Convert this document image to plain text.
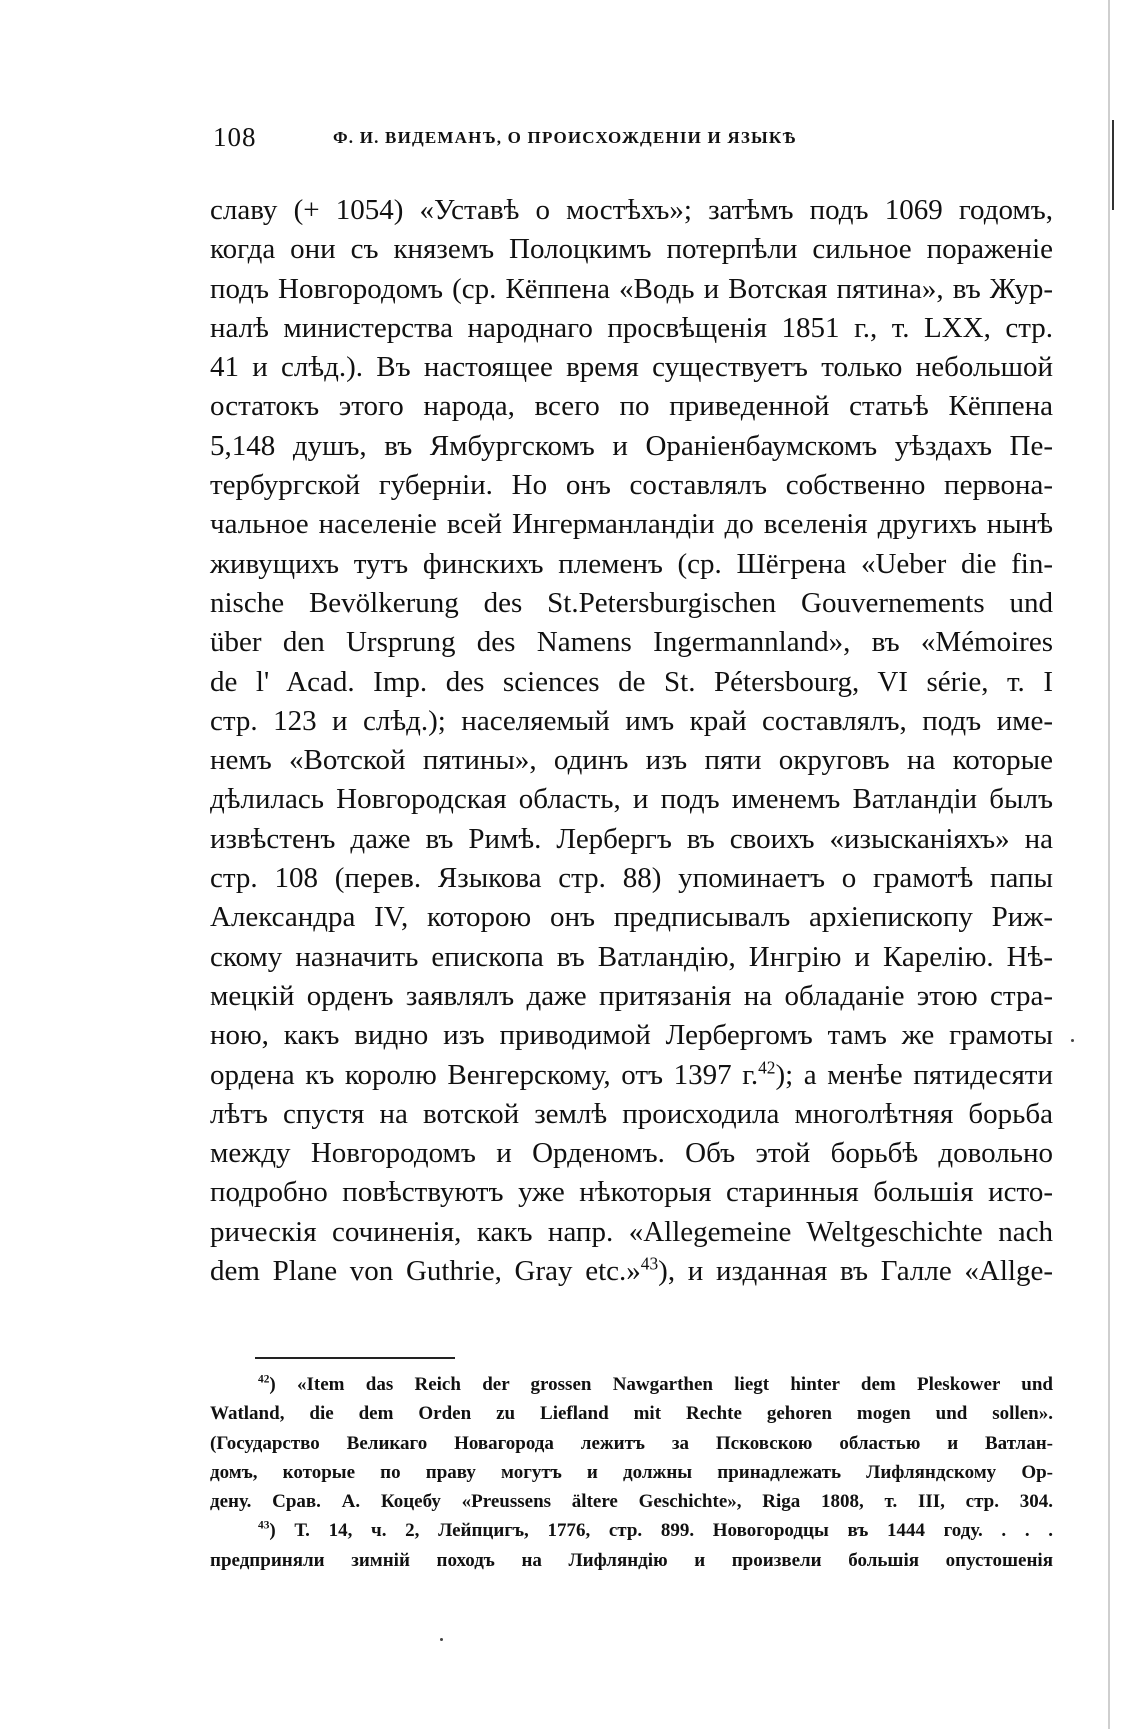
108	Ф. И. ВИДЕМАНЪ, О ПРОИСХОЖДЕНІИ И ЯЗЫКѢ
славу (+ 1054) «Уставѣ о мостѣхъ»; затѣмъ подъ 1069 годомъ,
когда они съ княземъ Полоцкимъ потерпѣли сильное пораженіе
подъ Новгородомъ (ср. Кёппена «Водь и Вотская пятина», въ Жур-
налѣ министерства народнаго просвѣщенія 1851 г., т. LXX, стр.
41 и слѣд.). Въ настоящее время существуетъ только небольшой
остатокъ этого народа, всего по приведенной статьѣ Кёппена
5,148 душъ, въ Ямбургскомъ и Ораніенбаумскомъ уѣздахъ Пе-
тербургской губерніи. Но онъ составлялъ собственно первона-
чальное населеніе всей Ингерманландіи до вселенія другихъ нынѣ
живущихъ тутъ финскихъ племенъ (ср. Шёгрена «Ueber die fin-
nische Bevölkerung des St.Petersburgischen Gouvernements und
über den Ursprung des Namens Ingermannland», въ «Mémoires
de l' Acad. Imp. des sciences de St. Pétersbourg, VI série, т. I
стр. 123 и слѣд.); населяемый имъ край составлялъ, подъ име-
немъ «Вотской пятины», одинъ изъ пяти округовъ на которые
дѣлилась Новгородская область, и подъ именемъ Ватландіи былъ
извѣстенъ даже въ Римѣ. Лербергъ въ своихъ «изысканіяхъ» на
стр. 108 (перев. Языкова стр. 88) упоминаетъ о грамотѣ папы
Александра IV, которою онъ предписывалъ архіепископу Риж-
скому назначить епископа въ Ватландію, Ингрію и Карелію. Нѣ-
мецкій орденъ заявлялъ даже притязанія на обладаніе этою стра-
ною, какъ видно изъ приводимой Лербергомъ тамъ же грамоты
ордена къ королю Венгерскому, отъ 1397 г.$^{42}$); а менѣе пятидесяти
лѣтъ спустя на вотской землѣ происходила многолѣтняя борьба
между Новгородомъ и Орденомъ. Объ этой борьбѣ довольно
подробно повѣствуютъ уже нѣкоторыя старинныя большія исто-
рическія сочиненія, какъ напр. «Allegemeine Weltgeschichte nach
dem Plane von Guthrie, Gray etc.»$^{43}$), и изданная въ Галле «Allge-
$^{42}$) «Item das Reich der grossen Nawgarthen liegt hinter dem Pleskower und
Watland, die dem Orden zu Liefland mit Rechte gehoren mogen und sollen».
(Государство Великаго Новагорода лежитъ за Псковскою областью и Ватлан-
домъ, которые по праву могутъ и должны принадлежать Лифляндскому Ор-
дену. Срав. А. Коцебу «Preussens ältere Geschichte», Riga 1808, т. III, стр. 304.
$^{43}$) Т. 14, ч. 2, Лейпцигъ, 1776, стр. 899. Новогородцы въ 1444 году. . . .
предприняли зимній походъ на Лифляндію и произвели большія опустошенія
